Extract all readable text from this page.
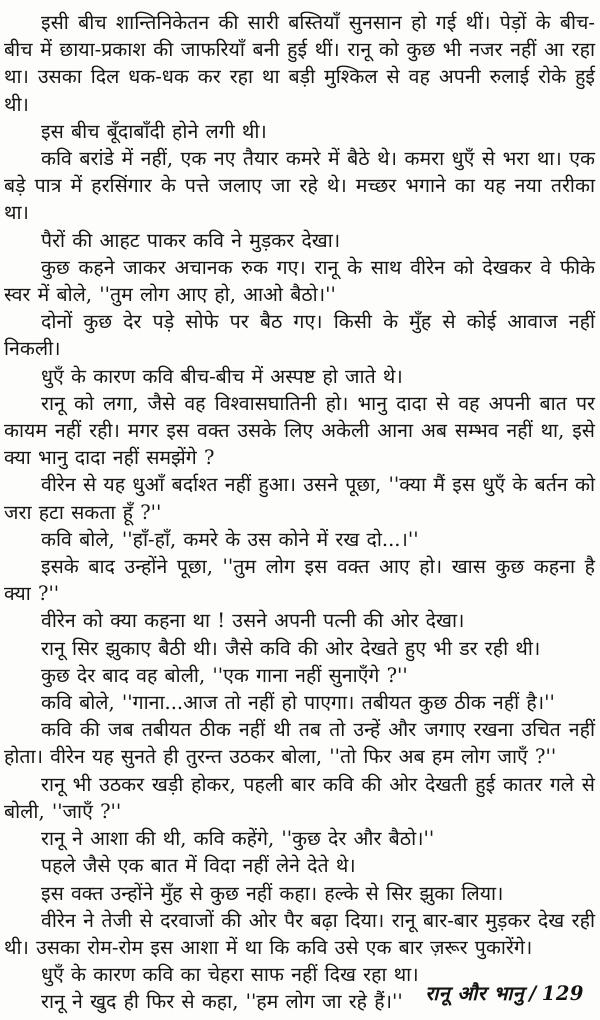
इसी बीच शान्तिनिकेतन की सारी बस्तियाँ सुनसान हो गई थीं। पेड़ों के बीच-बीच में छाया-प्रकाश की जाफरियाँ बनी हुई थीं। रानू को कुछ भी नजर नहीं आ रहा था। उसका दिल धक-धक कर रहा था बड़ी मुश्किल से वह अपनी रुलाई रोके हुई थी।

इस बीच बूँदाबाँदी होने लगी थी।

कवि बरांडे में नहीं, एक नए तैयार कमरे में बैठे थे। कमरा धुएँ से भरा था। एक बड़े पात्र में हरसिंगार के पत्ते जलाए जा रहे थे। मच्छर भगाने का यह नया तरीका था।

पैरों की आहट पाकर कवि ने मुड़कर देखा।

कुछ कहने जाकर अचानक रुक गए। रानू के साथ वीरेन को देखकर वे फीके स्वर में बोले, ''तुम लोग आए हो, आओ बैठो।''

दोनों कुछ देर पड़े सोफे पर बैठ गए। किसी के मुँह से कोई आवाज नहीं निकली।

धुएँ के कारण कवि बीच-बीच में अस्पष्ट हो जाते थे।

रानू को लगा, जैसे वह विश्वासघातिनी हो। भानु दादा से वह अपनी बात पर कायम नहीं रही। मगर इस वक्त उसके लिए अकेली आना अब सम्भव नहीं था, इसे क्या भानु दादा नहीं समझेंगे ?

वीरेन से यह धुआँ बर्दाश्त नहीं हुआ। उसने पूछा, ''क्या मैं इस धुएँ के बर्तन को जरा हटा सकता हूँ ?''

कवि बोले, ''हाँ-हाँ, कमरे के उस कोने में रख दो...।''

इसके बाद उन्होंने पूछा, ''तुम लोग इस वक्त आए हो। खास कुछ कहना है क्या ?''

वीरेन को क्या कहना था ! उसने अपनी पत्नी की ओर देखा।

रानू सिर झुकाए बैठी थी। जैसे कवि की ओर देखते हुए भी डर रही थी।

कुछ देर बाद वह बोली, ''एक गाना नहीं सुनाएँगे ?''

कवि बोले, ''गाना...आज तो नहीं हो पाएगा। तबीयत कुछ ठीक नहीं है।''

कवि की जब तबीयत ठीक नहीं थी तब तो उन्हें और जगाए रखना उचित नहीं होता। वीरेन यह सुनते ही तुरन्त उठकर बोला, ''तो फिर अब हम लोग जाएँ ?''

रानू भी उठकर खड़ी होकर, पहली बार कवि की ओर देखती हुई कातर गले से बोली, ''जाएँ ?''

रानू ने आशा की थी, कवि कहेंगे, ''कुछ देर और बैठो।''

पहले जैसे एक बात में विदा नहीं लेने देते थे।

इस वक्त उन्होंने मुँह से कुछ नहीं कहा। हल्के से सिर झुका लिया।

वीरेन ने तेजी से दरवाजों की ओर पैर बढ़ा दिया। रानू बार-बार मुड़कर देख रही थी। उसका रोम-रोम इस आशा में था कि कवि उसे एक बार ज़रूर पुकारेंगे।

धुएँ के कारण कवि का चेहरा साफ नहीं दिख रहा था।

रानू ने खुद ही फिर से कहा, ''हम लोग जा रहे हैं।''	रानू और भानु / 129
